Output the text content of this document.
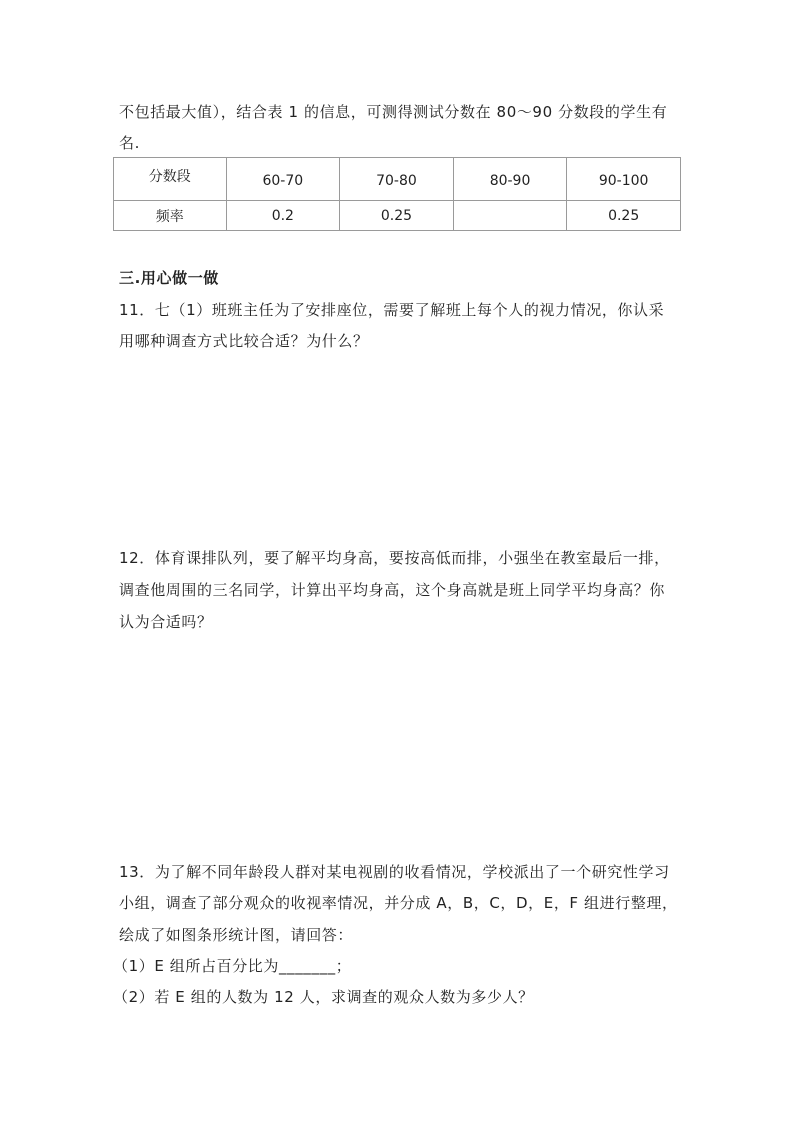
不包括最大值），结合表 1 的信息，可测得测试分数在 80～90 分数段的学生有
名.
分数段	60-70	70-80	80-90	90-100
频率	0.2	0.25		0.25
三.用心做一做
11．七（1）班班主任为了安排座位，需要了解班上每个人的视力情况，你认采
用哪种调查方式比较合适？为什么？
12．体育课排队列，要了解平均身高，要按高低而排，小强坐在教室最后一排，
调查他周围的三名同学，计算出平均身高，这个身高就是班上同学平均身高？你
认为合适吗？
13．为了解不同年龄段人群对某电视剧的收看情况，学校派出了一个研究性学习
小组，调查了部分观众的收视率情况，并分成 A，B，C，D，E，F 组进行整理，
绘成了如图条形统计图，请回答：
（1）E 组所占百分比为_______；
（2）若 E 组的人数为 12 人，求调查的观众人数为多少人？
